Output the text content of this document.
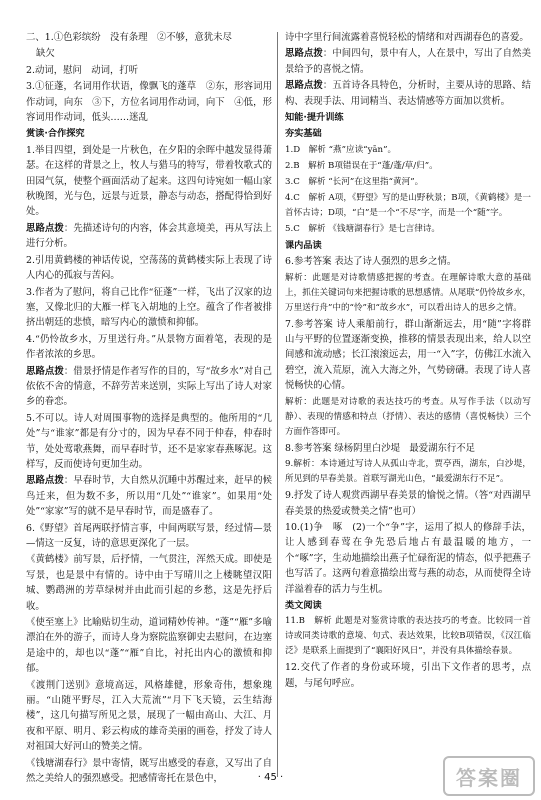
二、1.①色彩缤纷　没有条理　②不够，意犹未尽

缺欠

2.动词，慰问　动词，打听

3.①征蓬，名词用作状语，像飘飞的蓬草　②东，形容词用作动词，向东　③下，方位名词用作动词，向下　④低，形容词用作动词，低头……迷乱

赏读·合作探究

1.举目四望，到处是一片秋色，在夕阳的余晖中越发显得萧瑟。在这样的背景之上，牧人与猎马的特写，带着牧歌式的田园气氛，使整个画面活动了起来。这四句诗宛如一幅山家秋晚图，光与色，远景与近景，静态与动态，搭配得恰到好处。

思路点拨：先描述诗句的内容，体会其意境美，再从写法上进行分析。

2.引用黄鹤楼的神话传说，空荡荡的黄鹤楼实际上表现了诗人内心的孤寂与苦闷。

3.作者为了慰问，将自己比作“征蓬”一样，飞出了汉家的边塞，又像北归的大雁一样飞入胡地的上空。蕴含了作者被排挤出朝廷的悲愤，暗写内心的激愤和抑郁。

4.“仍怜故乡水，万里送行舟。”从景物方面着笔，表现的是作者浓浓的乡思。

思路点拨：借景抒情是作者写作的目的，写“故乡水”对自己依依不舍的情意，不辞劳苦来送别，实际上写出了诗人对家乡的眷恋。

5.不可以。诗人对周围事物的选择是典型的。他所用的“几处”与“谁家”都是有分寸的，因为早春不同于仲春，仲春时节，处处莺歌燕舞，而早春时节，还不是家家春燕啄泥。这样写，反而使诗句更加生动。

思路点拨：早春时节，大自然从沉睡中苏醒过来，赶早的候鸟迁来，但为数不多，所以用“几处”“谁家”。如果用“处处”“家家”写的就不是早春时节，而是盛春了。

6.《野望》首尾两联抒情言事，中间两联写景，经过情—景—情这一反复，诗的意思更深化了一层。

《黄鹤楼》前写景，后抒情，一气贯注，浑然天成。即使是写景，也是景中有情的。诗中由于写晴川之上楼眺望汉阳城、鹦鹉洲的芳草绿树并由此而引起的乡愁，这是先抒后收。

《使至塞上》比喻贴切生动，道词精妙传神。“蓬”“雁”多喻漂泊在外的游子，而诗人身为察院监察御史去慰问，在边塞是途中的，却也以“蓬”“雁”自比，衬托出内心的激愤和抑郁。

《渡荆门送别》意境高远，风格雄健，形象奇伟，想象瑰丽。“山随平野尽，江入大荒流”“月下飞天镜，云生结海楼”，这几句描写所见之景，展现了一幅由高山、大江、月夜和平原、明月、彩云构成的雄奇美丽的画卷，抒发了诗人对祖国大好河山的赞美之情。

《钱塘湖春行》景中寄情，既写出感受的春意，又写出了自然之美给人的强烈感受。把感情寄托在景色中，

诗中字里行间流露着喜悦轻松的情绪和对西湖春色的喜爱。

思路点拨：中间四句，景中有人，人在景中，写出了自然美景给予的喜悦之情。

思路点拨：五首诗各具特色，分析时，主要从诗的思路、结构、表现手法、用词精当、表达情感等方面加以赏析。

知能·提升训练
夯实基础

1.D　解析 “燕”应读“yān”。

2.B　解析 B项错误在于“蓬/蓬/草/归”。

3.C　解析 “长河”在这里指“黄河”。

4.C　解析 A项，《野望》写的是山野秋景；B项，《黄鹤楼》是一首怀古诗；D项，“白”是一个“不尽”字，而是一个“随”字。

5.C　解析 《钱塘湖春行》是七言律诗。

课内品读

6.参考答案 表达了诗人强烈的思乡之情。

解析：此题是对诗歌情感把握的考查。在理解诗歌大意的基础上，抓住关键词句来把握诗歌的思想感情。从尾联“仍怜故乡水，万里送行舟”中的“怜”和“故乡水”，可以看出诗人的思乡之情。

7.参考答案 诗人乘船前行，群山渐渐远去，用“随”字将群山与平野的位置逐渐变换，推移的情景表现出来，给人以空间感和流动感；长江滚滚远去，用一“入”字，仿佛江水流入碧空，流入荒原，流入大海之外，气势磅礴。表现了诗人喜悦畅快的心情。

解析：此题是对诗歌的表达技巧的考查。从写作手法（以动写静）、表现的情感和特点（抒情）、表达的感情（喜悦畅快）三个方面作答即可。

8.参考答案 绿杨阴里白沙堤　最爱湖东行不足

9.解析：本诗通过写诗人从孤山寺北，贾亭西，湖东，白沙堤，所见到的早春美景。首联写湖光山色，“最爱湖东行不足”。

9.抒发了诗人观赏西湖早春美景的愉悦之情。（答“对西湖早春美景的热爱或赞美之情”也可）

10.(1)争　啄　(2)一个“争”字，运用了拟人的修辞手法，让人感到春莺在争先恐后地占有最温暖的地方，一个“啄”字，生动地描绘出燕子忙碌衔泥的情态，似乎把燕子也写活了。这两句着意描绘出莺与燕的动态，从而使得全诗洋溢着春的活力与生机。

类文阅读

11.B　解析 此题是对鉴赏诗歌的表达技巧的考查。比较同一首诗或同类诗歌的意境、句式、表达效果，比较B项错误，《汉江临泛》是联系上面提到了“襄阳好风日”，并没有具体描绘春景。

12.交代了作者的身份或环境，引出下文作者的思考，点题，与尾句呼应。

· 45 ·	答案圈
